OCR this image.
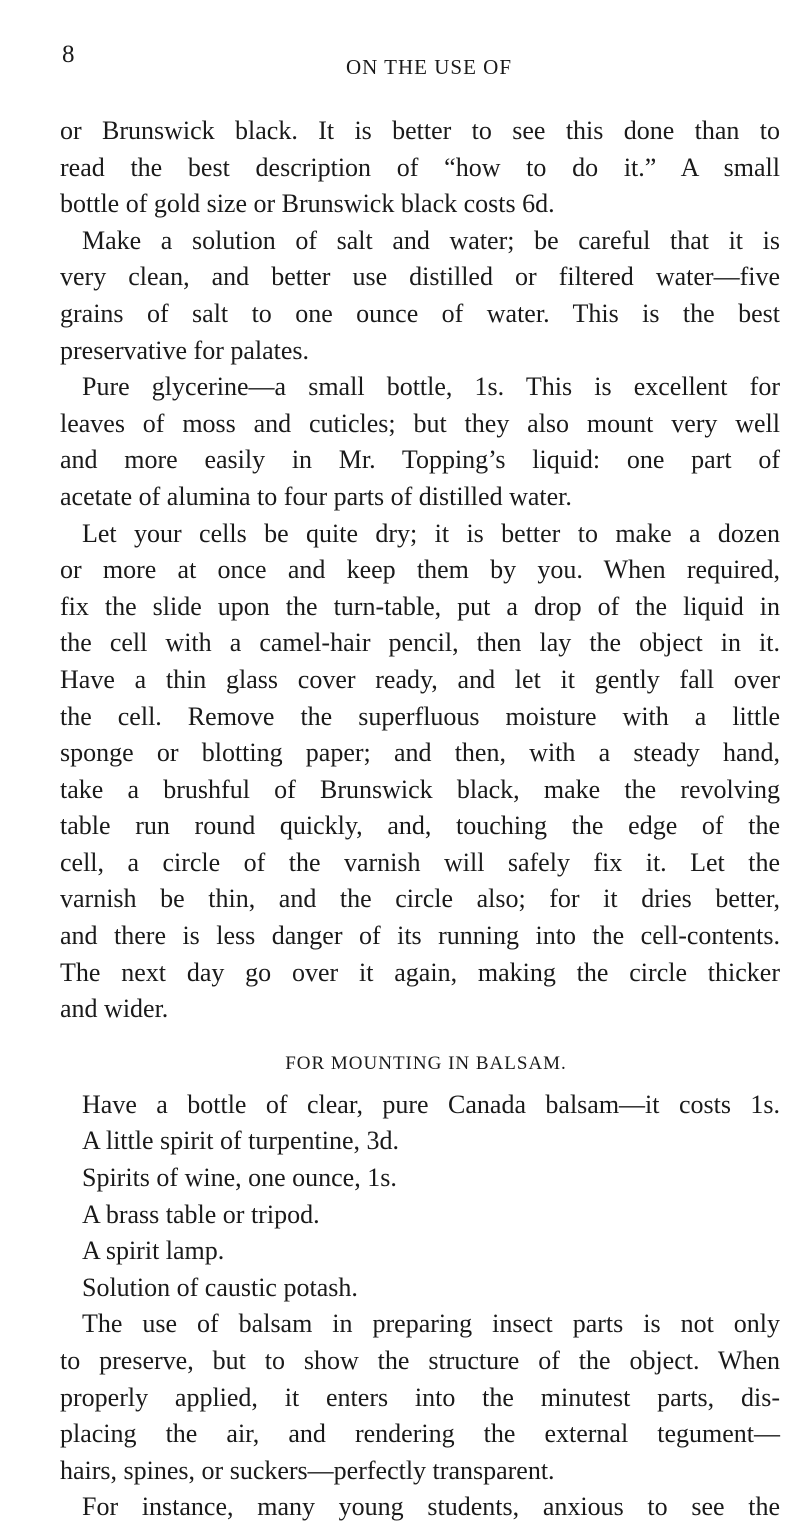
8	ON THE USE OF
or Brunswick black. It is better to see this done than to
read the best description of “how to do it.” A small
bottle of gold size or Brunswick black costs 6d.
Make a solution of salt and water; be careful that it is
very clean, and better use distilled or filtered water—five
grains of salt to one ounce of water. This is the best
preservative for palates.
Pure glycerine—a small bottle, 1s. This is excellent for
leaves of moss and cuticles; but they also mount very well
and more easily in Mr. Topping’s liquid: one part of
acetate of alumina to four parts of distilled water.
Let your cells be quite dry; it is better to make a dozen
or more at once and keep them by you. When required,
fix the slide upon the turn-table, put a drop of the liquid in
the cell with a camel-hair pencil, then lay the object in it.
Have a thin glass cover ready, and let it gently fall over
the cell. Remove the superfluous moisture with a little
sponge or blotting paper; and then, with a steady hand,
take a brushful of Brunswick black, make the revolving
table run round quickly, and, touching the edge of the
cell, a circle of the varnish will safely fix it. Let the
varnish be thin, and the circle also; for it dries better,
and there is less danger of its running into the cell-contents.
The next day go over it again, making the circle thicker
and wider.
FOR MOUNTING IN BALSAM.
Have a bottle of clear, pure Canada balsam—it costs 1s.
A little spirit of turpentine, 3d.
Spirits of wine, one ounce, 1s.
A brass table or tripod.
A spirit lamp.
Solution of caustic potash.
The use of balsam in preparing insect parts is not only
to preserve, but to show the structure of the object. When
properly applied, it enters into the minutest parts, dis-
placing the air, and rendering the external tegument—
hairs, spines, or suckers—perfectly transparent.
For instance, many young students, anxious to see the
